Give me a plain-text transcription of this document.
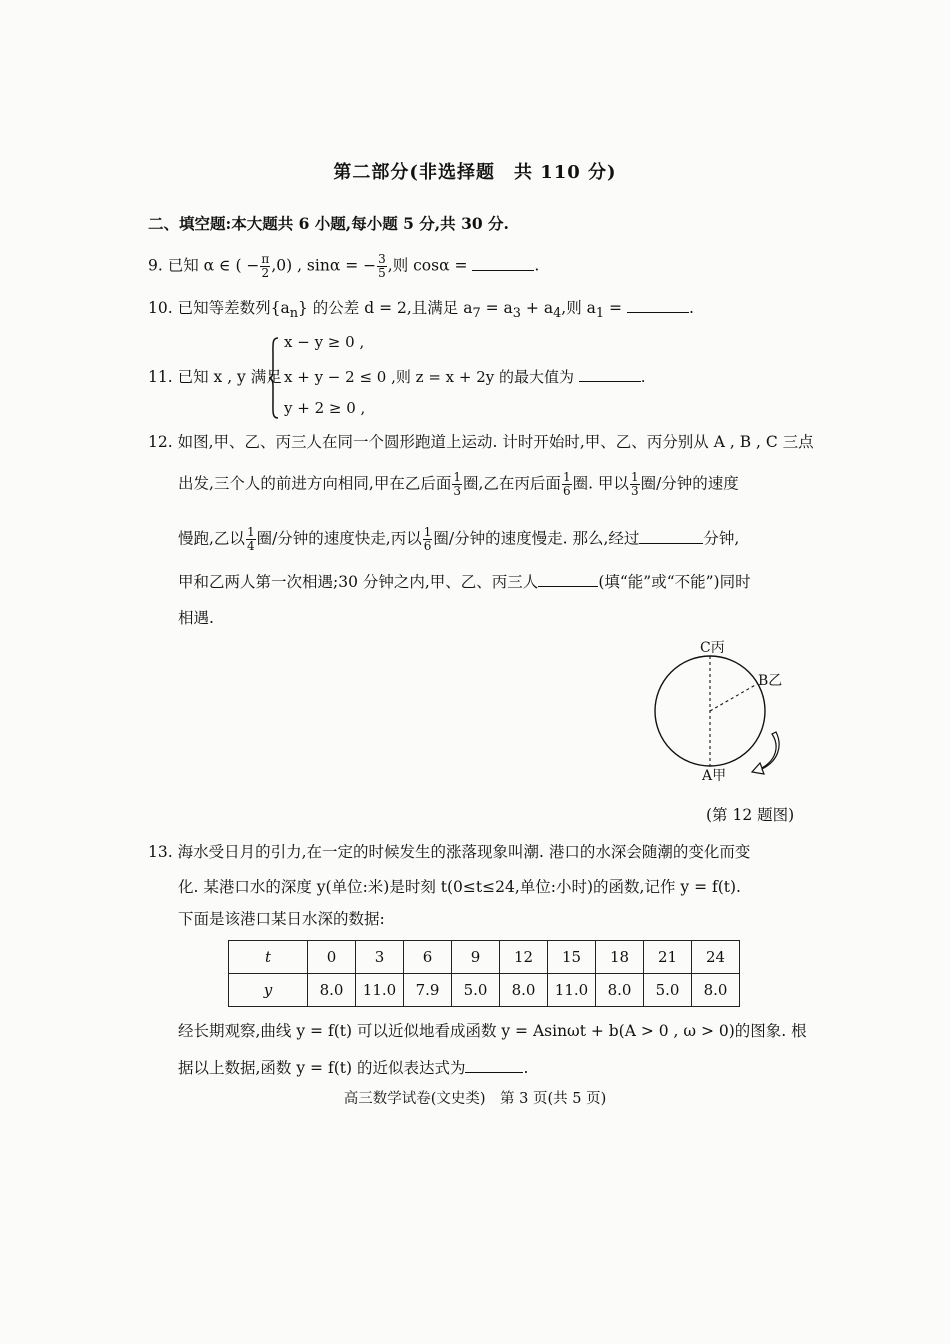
第二部分(非选择题　共 110 分)
二、填空题:本大题共 6 小题,每小题 5 分,共 30 分.
9. 已知 α ∈ ( − $\frac{\pi}{2} ,0$) , sinα = − $\frac{3}{5}$ ,则 cosα =	.
10. 已知等差数列$\{a_n\}$ 的公差 d = 2,且满足 $a_7 = a_3 + a_4$,则 $a_1$ =	.
11. 已知 x , y 满足
x − y ≥ 0 ,
x + y − 2 ≤ 0 ,则 z = x + 2y 的最大值为	.
y + 2 ≥ 0 ,
12. 如图,甲、乙、丙三人在同一个圆形跑道上运动. 计时开始时,甲、乙、丙分别从 A , B , C 三点
出发,三个人的前进方向相同,甲在乙后面 $\frac{1}{3}$ 圈,乙在丙后面 $\frac{1}{6}$ 圈. 甲以 $\frac{1}{3}$ 圈/分钟的速度
慢跑,乙以 $\frac{1}{4}$ 圈/分钟的速度快走,丙以 $\frac{1}{6}$ 圈/分钟的速度慢走. 那么,经过	分钟,
甲和乙两人第一次相遇;30 分钟之内,甲、乙、丙三人	(填“能”或“不能”)同时
相遇.
C丙
B乙
A甲
(第 12 题图)
13. 海水受日月的引力,在一定的时候发生的涨落现象叫潮. 港口的水深会随潮的变化而变
化. 某港口水的深度 y(单位:米)是时刻 t(0≤t≤24,单位:小时)的函数,记作 y = f(t).
下面是该港口某日水深的数据:
t	0	3	6	9	12	15	18	21	24
y	8.0	11.0	7.9	5.0	8.0	11.0	8.0	5.0	8.0
经长期观察,曲线 y = f(t) 可以近似地看成函数 y = Asinωt + b(A > 0 , ω > 0)的图象. 根
据以上数据,函数 y = f(t) 的近似表达式为	.
高三数学试卷(文史类)　第 3 页(共 5 页)
